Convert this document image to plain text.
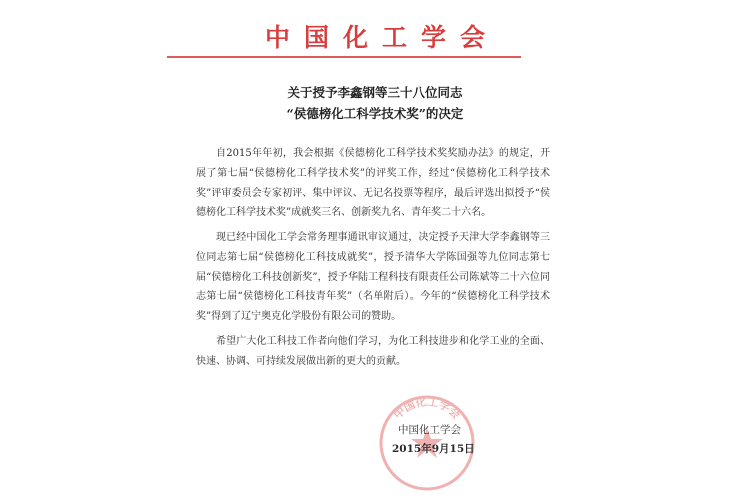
中国化工学会
关于授予李鑫钢等三十八位同志
“侯德榜化工科学技术奖”的决定
自2015年年初，我会根据《侯德榜化工科学技术奖奖励办法》的规定，开展了第七届“侯德榜化工科学技术奖”的评奖工作，经过“侯德榜化工科学技术奖”评审委员会专家初评、集中评议、无记名投票等程序，最后评选出拟授予“侯德榜化工科学技术奖”成就奖三名、创新奖九名、青年奖二十六名。
现已经中国化工学会常务理事通讯审议通过，决定授予天津大学李鑫钢等三位同志第七届“侯德榜化工科技成就奖”，授予清华大学陈国强等九位同志第七届“侯德榜化工科技创新奖”，授予华陆工程科技有限责任公司陈斌等二十六位同志第七届“侯德榜化工科技青年奖”（名单附后）。今年的“侯德榜化工科学技术奖”得到了辽宁奥克化学股份有限公司的赞助。
希望广大化工科技工作者向他们学习，为化工科技进步和化学工业的全面、快速、协调、可持续发展做出新的更大的贡献。
中国化工学会
中国化工学会
2015年9月15日
